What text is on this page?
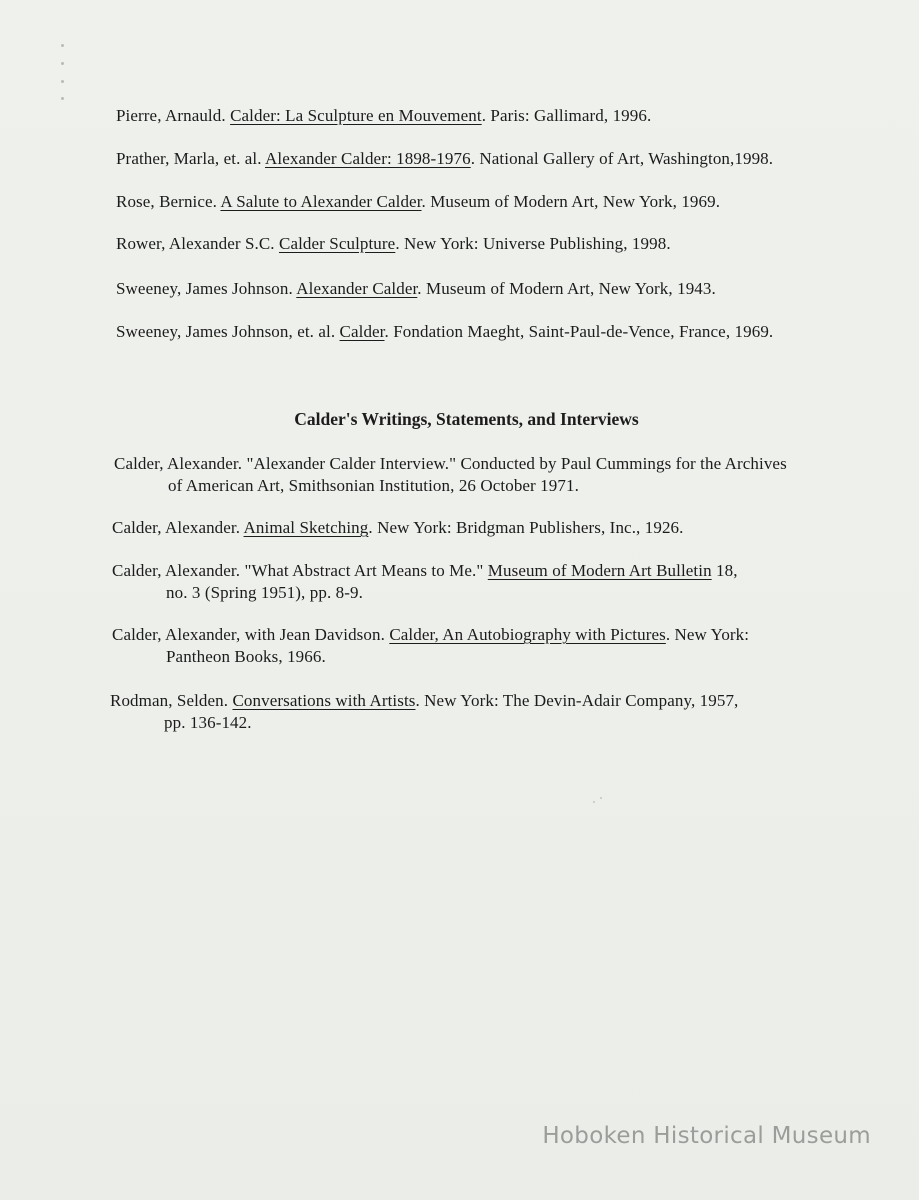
Pierre, Arnauld. Calder: La Sculpture en Mouvement. Paris: Gallimard, 1996.
Prather, Marla, et. al. Alexander Calder: 1898-1976. National Gallery of Art, Washington,1998.
Rose, Bernice. A Salute to Alexander Calder. Museum of Modern Art, New York, 1969.
Rower, Alexander S.C. Calder Sculpture. New York: Universe Publishing, 1998.
Sweeney, James Johnson. Alexander Calder. Museum of Modern Art, New York, 1943.
Sweeney, James Johnson, et. al. Calder. Fondation Maeght, Saint-Paul-de-Vence, France, 1969.
Calder's Writings, Statements, and Interviews
Calder, Alexander. "Alexander Calder Interview." Conducted by Paul Cummings for the Archives
of American Art, Smithsonian Institution, 26 October 1971.
Calder, Alexander. Animal Sketching. New York: Bridgman Publishers, Inc., 1926.
Calder, Alexander. "What Abstract Art Means to Me." Museum of Modern Art Bulletin 18,
no. 3 (Spring 1951), pp. 8-9.
Calder, Alexander, with Jean Davidson. Calder, An Autobiography with Pictures. New York:
Pantheon Books, 1966.
Rodman, Selden. Conversations with Artists. New York: The Devin-Adair Company, 1957,
pp. 136-142.
Hoboken Historical Museum
